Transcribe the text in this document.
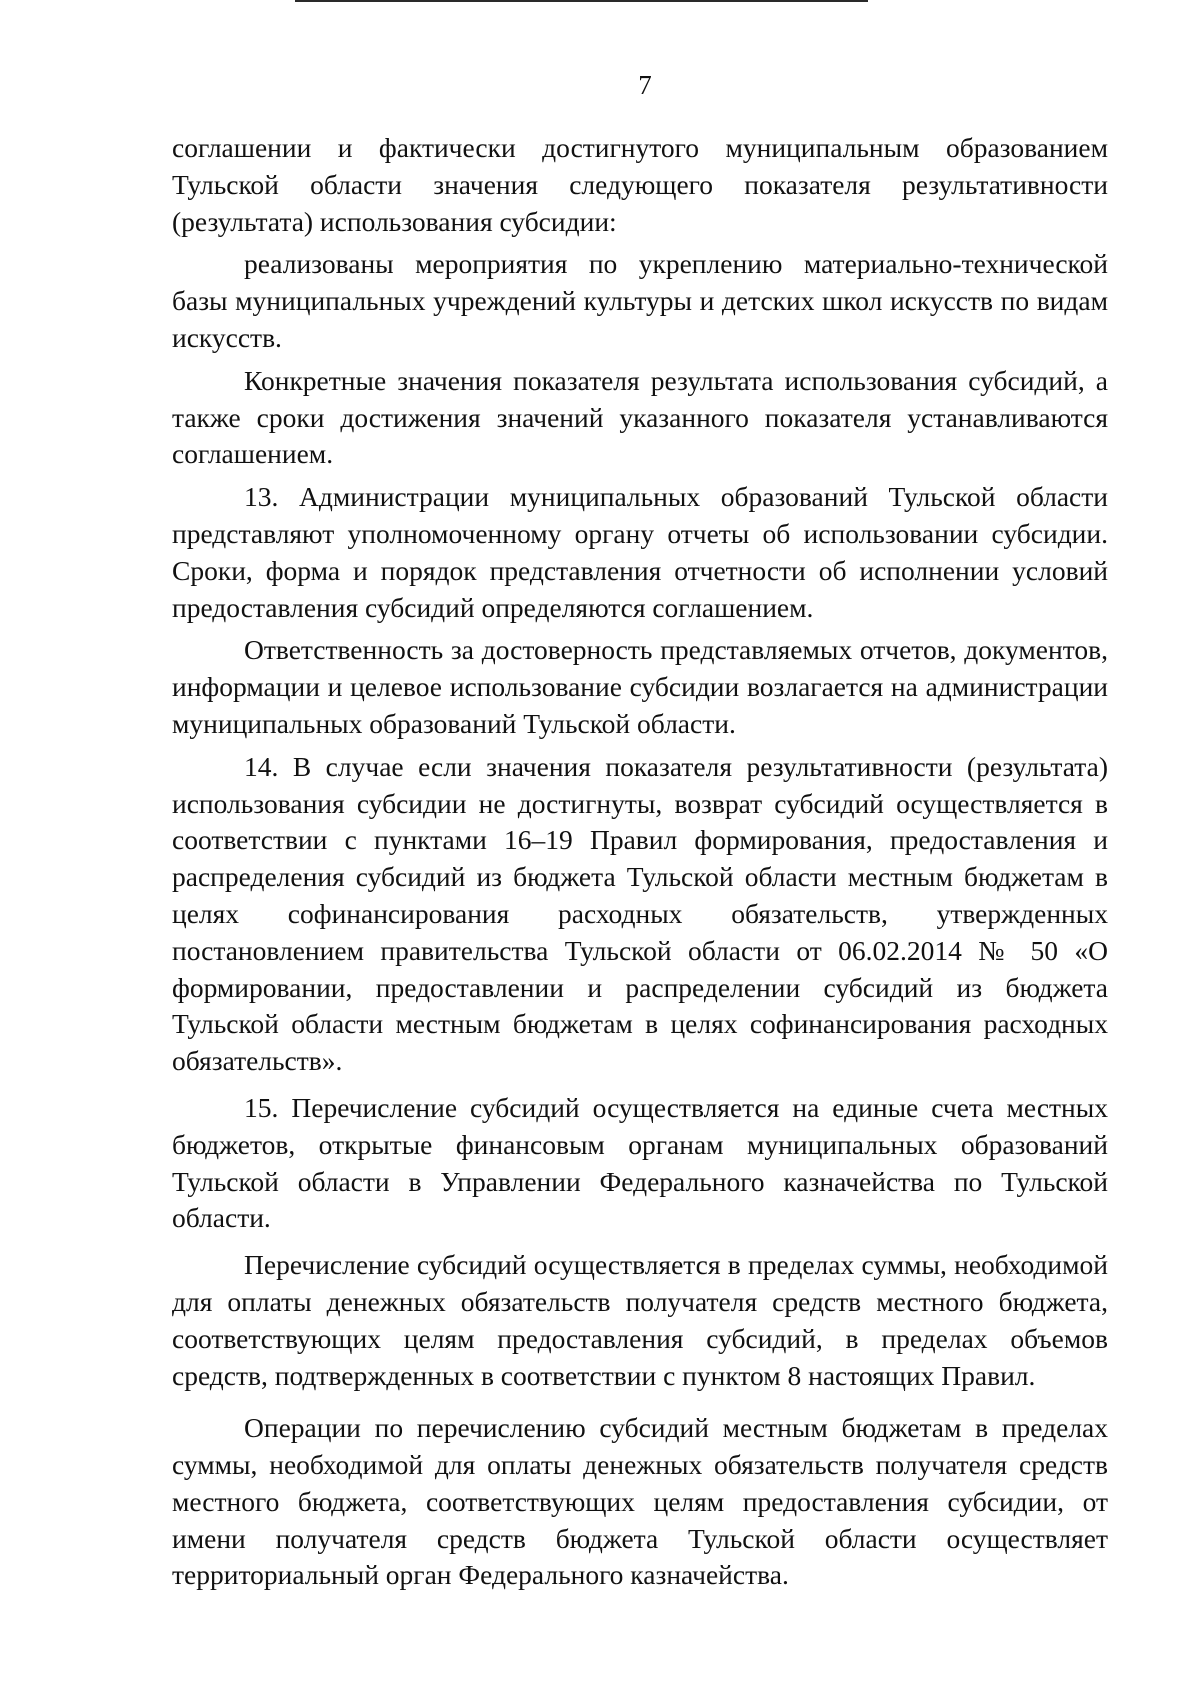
7

соглашении и фактически достигнутого муниципальным образованием Тульской области значения следующего показателя результативности (результата) использования субсидии:

реализованы мероприятия по укреплению материально-технической базы муниципальных учреждений культуры и детских школ искусств по видам искусств.

Конкретные значения показателя результата использования субсидий, а также сроки достижения значений указанного показателя устанавливаются соглашением.

13. Администрации муниципальных образований Тульской области представляют уполномоченному органу отчеты об использовании субсидии. Сроки, форма и порядок представления отчетности об исполнении условий предоставления субсидий определяются соглашением.

Ответственность за достоверность представляемых отчетов, документов, информации и целевое использование субсидии возлагается на администрации муниципальных образований Тульской области.

14. В случае если значения показателя результативности (результата) использования субсидии не достигнуты, возврат субсидий осуществляется в соответствии с пунктами 16–19 Правил формирования, предоставления и распределения субсидий из бюджета Тульской области местным бюджетам в целях софинансирования расходных обязательств, утвержденных постановлением правительства Тульской области от 06.02.2014 № 50 «О формировании, предоставлении и распределении субсидий из бюджета Тульской области местным бюджетам в целях софинансирования расходных обязательств».

15. Перечисление субсидий осуществляется на единые счета местных бюджетов, открытые финансовым органам муниципальных образований Тульской области в Управлении Федерального казначейства по Тульской области.

Перечисление субсидий осуществляется в пределах суммы, необходимой для оплаты денежных обязательств получателя средств местного бюджета, соответствующих целям предоставления субсидий, в пределах объемов средств, подтвержденных в соответствии с пунктом 8 настоящих Правил.

Операции по перечислению субсидий местным бюджетам в пределах суммы, необходимой для оплаты денежных обязательств получателя средств местного бюджета, соответствующих целям предоставления субсидии, от имени получателя средств бюджета Тульской области осуществляет территориальный орган Федерального казначейства.
